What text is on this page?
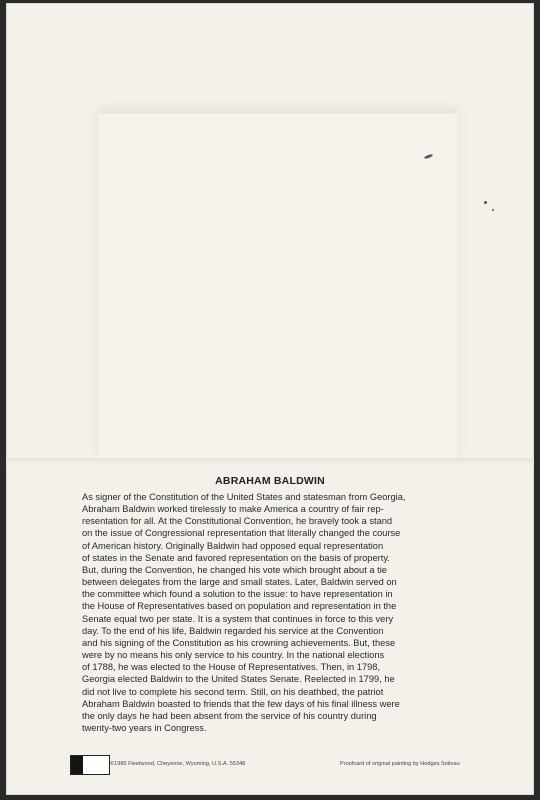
ABRAHAM BALDWIN
As signer of the Constitution of the United States and statesman from Georgia,
Abraham Baldwin worked tirelessly to make America a country of fair rep-
resentation for all. At the Constitutional Convention, he bravely took a stand
on the issue of Congressional representation that literally changed the course
of American history. Originally Baldwin had opposed equal representation
of states in the Senate and favored representation on the basis of property.
But, during the Convention, he changed his vote which brought about a tie
between delegates from the large and small states. Later, Baldwin served on
the committee which found a solution to the issue: to have representation in
the House of Representatives based on population and representation in the
Senate equal two per state. It is a system that continues in force to this very
day. To the end of his life, Baldwin regarded his service at the Convention
and his signing of the Constitution as his crowning achievements. But, these
were by no means his only service to his country. In the national elections
of 1788, he was elected to the House of Representatives. Then, in 1798,
Georgia elected Baldwin to the United States Senate. Reelected in 1799, he
did not live to complete his second term. Still, on his deathbed, the patriot
Abraham Baldwin boasted to friends that the few days of his final illness were
the only days he had been absent from the service of his country during
twenty-two years in Congress.
©1985 Fleetwood, Cheyenne, Wyoming, U.S.A. 55348	Proofcard of original painting by Hodges Soileau
